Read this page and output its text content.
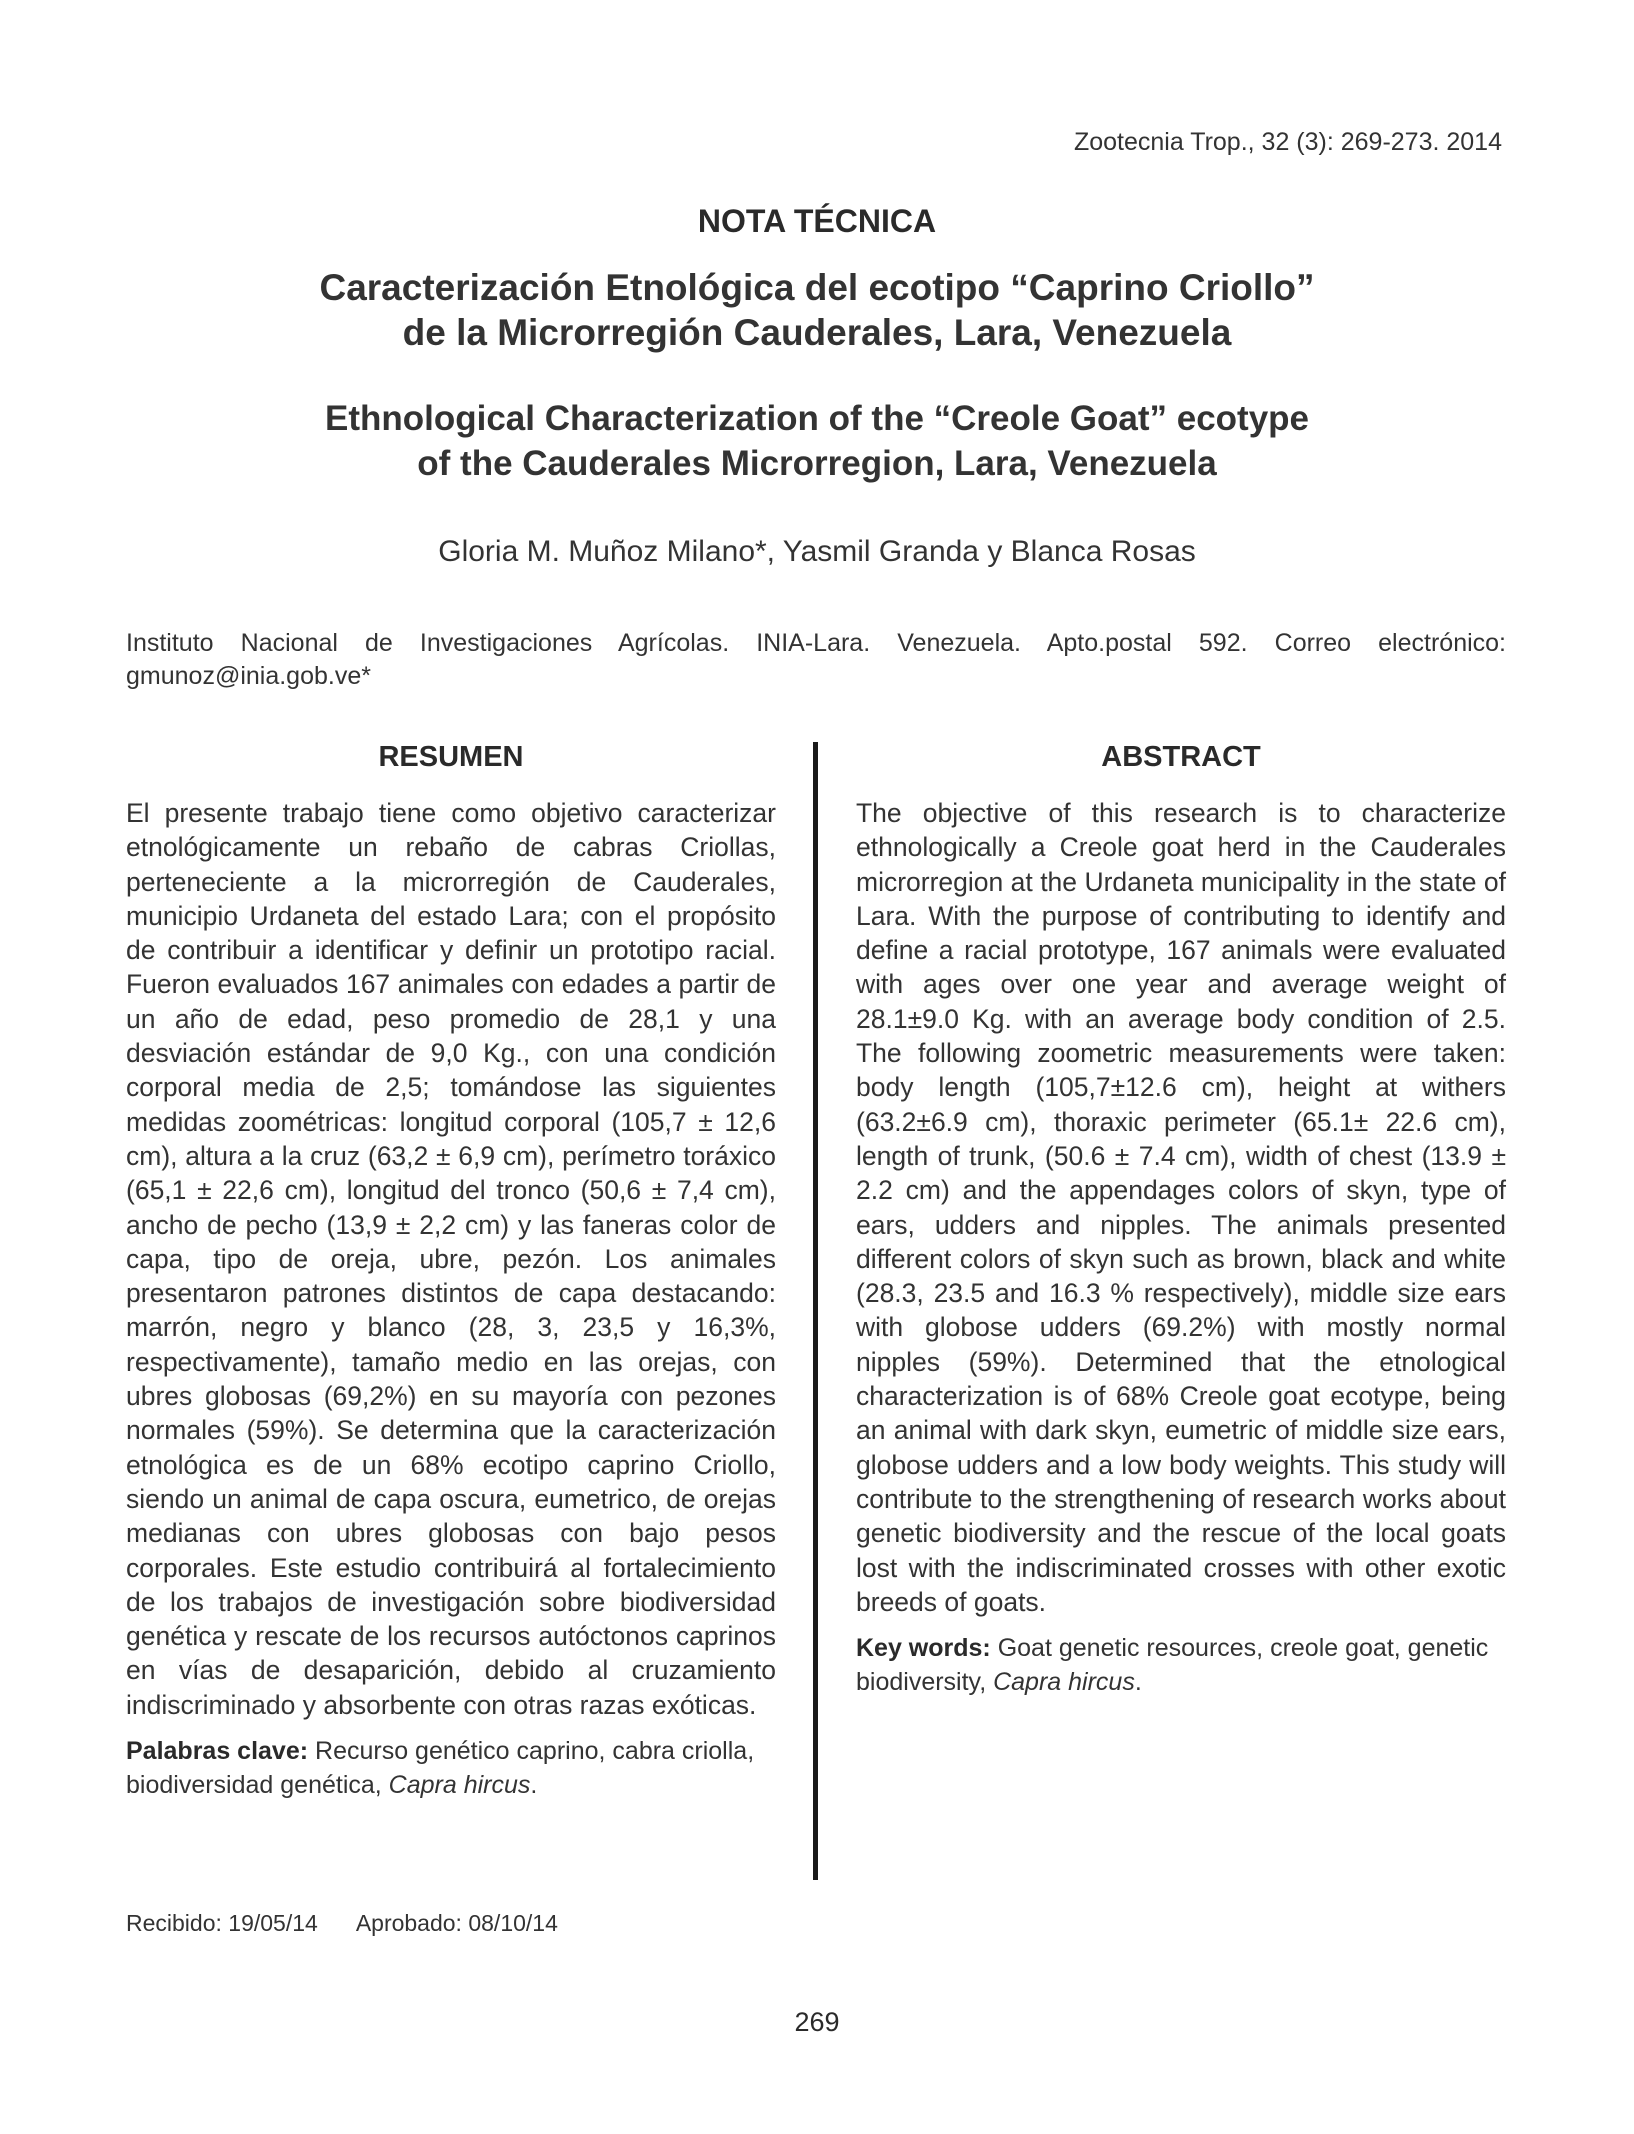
Zootecnia Trop., 32 (3): 269-273. 2014
NOTA TÉCNICA
Caracterización Etnológica del ecotipo “Caprino Criollo”
de la Microrregión Cauderales, Lara, Venezuela
Ethnological Characterization of the “Creole Goat” ecotype
of the Cauderales Microrregion, Lara, Venezuela
Gloria M. Muñoz Milano*, Yasmil Granda y Blanca Rosas
Instituto Nacional de Investigaciones Agrícolas. INIA-Lara. Venezuela. Apto.postal 592. Correo electrónico: gmunoz@inia.gob.ve*
RESUMEN

El presente trabajo tiene como objetivo caracterizar etnológicamente un rebaño de cabras Criollas, perteneciente a la microrregión de Cauderales, municipio Urdaneta del estado Lara; con el propósito de contribuir a identificar y definir un prototipo racial. Fueron evaluados 167 animales con edades a partir de un año de edad, peso promedio de 28,1 y una desviación estándar de 9,0 Kg., con una condición corporal media de 2,5; tomándose las siguientes medidas zoométricas: longitud corporal (105,7 ± 12,6 cm), altura a la cruz (63,2 ± 6,9 cm), perímetro toráxico (65,1 ± 22,6 cm), longitud del tronco (50,6 ± 7,4 cm), ancho de pecho (13,9 ± 2,2 cm) y las faneras color de capa, tipo de oreja, ubre, pezón. Los animales presentaron patrones distintos de capa destacando: marrón, negro y blanco (28, 3, 23,5 y 16,3%, respectivamente), tamaño medio en las orejas, con ubres globosas (69,2%) en su mayoría con pezones normales (59%). Se determina que la caracterización etnológica es de un 68% ecotipo caprino Criollo, siendo un animal de capa oscura, eumetrico, de orejas medianas con ubres globosas con bajo pesos corporales. Este estudio contribuirá al fortalecimiento de los trabajos de investigación sobre biodiversidad genética y rescate de los recursos autóctonos caprinos en vías de desaparición, debido al cruzamiento indiscriminado y absorbente con otras razas exóticas.

Palabras clave: Recurso genético caprino, cabra criolla, biodiversidad genética, Capra hircus.
ABSTRACT

The objective of this research is to characterize ethnologically a Creole goat herd in the Cauderales microrregion at the Urdaneta municipality in the state of Lara. With the purpose of contributing to identify and define a racial prototype, 167 animals were evaluated with ages over one year and average weight of 28.1±9.0 Kg. with an average body condition of 2.5. The following zoometric measurements were taken: body length (105,7±12.6 cm), height at withers (63.2±6.9 cm), thoraxic perimeter (65.1± 22.6 cm), length of trunk, (50.6 ± 7.4 cm), width of chest (13.9 ± 2.2 cm) and the appendages colors of skyn, type of ears, udders and nipples. The animals presented different colors of skyn such as brown, black and white (28.3, 23.5 and 16.3 % respectively), middle size ears with globose udders (69.2%) with mostly normal nipples (59%). Determined that the etnological characterization is of 68% Creole goat ecotype, being an animal with dark skyn, eumetric of middle size ears, globose udders and a low body weights. This study will contribute to the strengthening of research works about genetic biodiversity and the rescue of the local goats lost with the indiscriminated crosses with other exotic breeds of goats.

Key words: Goat genetic resources, creole goat, genetic biodiversity, Capra hircus.
Recibido: 19/05/14 Aprobado: 08/10/14
269
